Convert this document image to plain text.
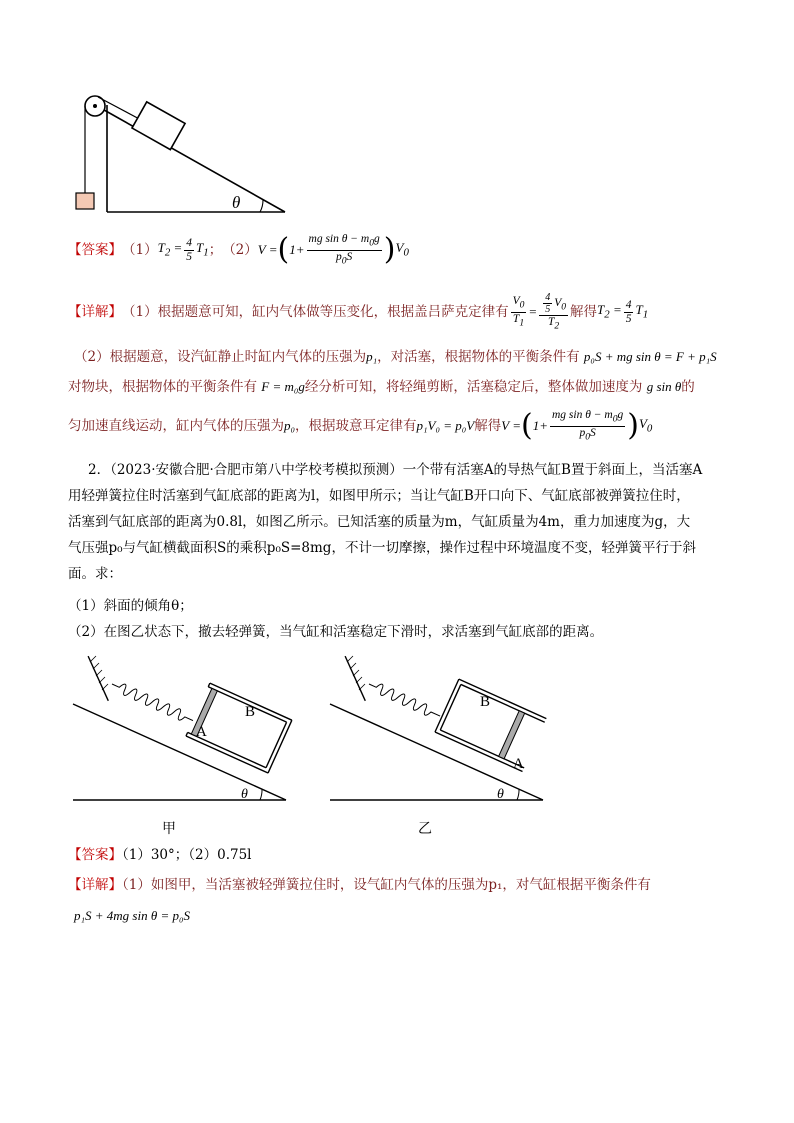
θ
【答案】 （1） $T_2 = \frac{4}{5} T_1$ ； （2） V = ( $1+ \frac{mg \sin \theta - m_0g}{p_0S}$ ) $V_0$
【详解】 （1）根据题意可知，缸内气体做等压变化，根据盖吕萨克定律有 $\frac{V_0}{T_1} = \frac{\frac{4}{5} V_0}{T_2}$ 解得 $T_2 = \frac{4}{5} T_1$
（2）根据题意，设汽缸静止时缸内气体的压强为p₁，对活塞，根据物体的平衡条件有 p₀S + mg sin θ = F + p₁S
对物块，根据物体的平衡条件有 F = m₀g经分析可知，将轻绳剪断，活塞稳定后，整体做加速度为 g sin θ的
匀加速直线运动，缸内气体的压强为 p₀ ，根据玻意耳定律有 p₁V₀ = p₀V 解得 V = ( $1+ \frac{mg \sin \theta - m_0g}{p_0S}$ ) $V_0$
2．（2023·安徽合肥·合肥市第八中学校考模拟预测）一个带有活塞A的导热气缸B置于斜面上，当活塞A
用轻弹簧拉住时活塞到气缸底部的距离为l，如图甲所示；当让气缸B开口向下、气缸底部被弹簧拉住时，
活塞到气缸底部的距离为0.8l，如图乙所示。已知活塞的质量为m，气缸质量为4m，重力加速度为g，大
气压强p₀与气缸横截面积S的乘积p₀S=8mg，不计一切摩擦，操作过程中环境温度不变，轻弹簧平行于斜
面。求：
（1）斜面的倾角θ；
（2）在图乙状态下，撤去轻弹簧，当气缸和活塞稳定下滑时，求活塞到气缸底部的距离。
A
B
θ
甲
B
A
θ
乙
【答案】（1）30°；（2）0.75l
【详解】（1）如图甲，当活塞被轻弹簧拉住时，设气缸内气体的压强为p₁，对气缸根据平衡条件有
p₁S + 4mg sin θ = p₀S
